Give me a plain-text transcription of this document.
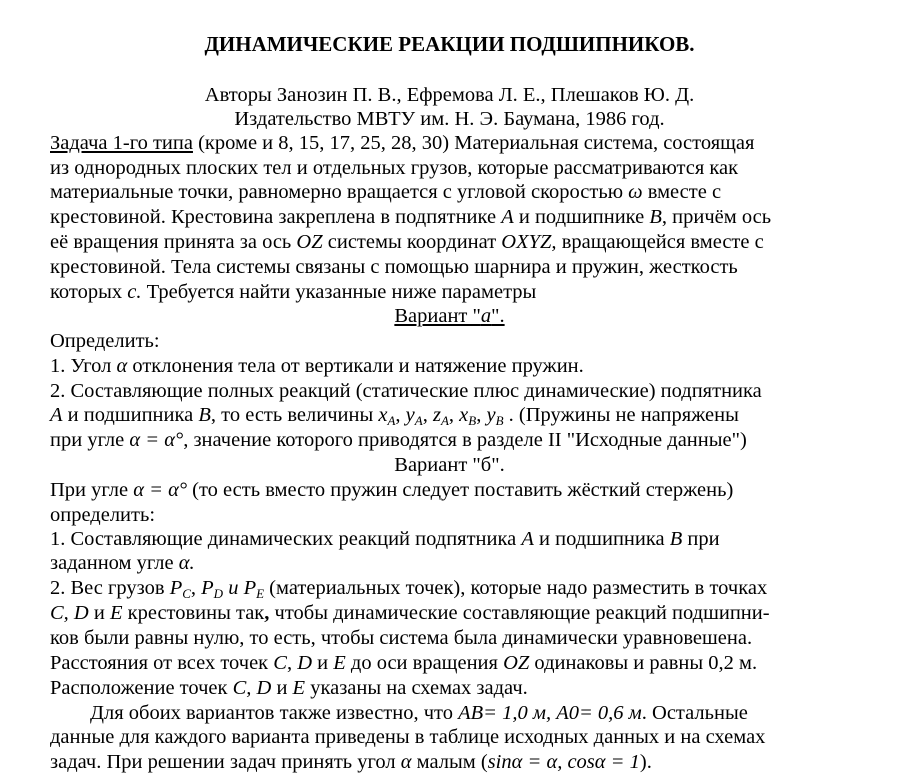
ДИНАМИЧЕСКИЕ РЕАКЦИИ ПОДШИПНИКОВ.
Авторы Занозин П. В., Ефремова Л. Е., Плешаков Ю. Д.
Издательство МВТУ им. Н. Э. Баумана, 1986 год.
Задача 1-го типа (кроме и 8, 15, 17, 25, 28, 30) Материальная система, состоящая
из однородных плоских тел и отдельных грузов, которые рассматриваются как
материальные точки, равномерно вращается с угловой скоростью ω вместе с
крестовиной. Крестовина закреплена в подпятнике A и подшипнике B, причём ось
её вращения принята за ось OZ системы координат OXYZ, вращающейся вместе с
крестовиной. Тела системы связаны с помощью шарнира и пружин, жесткость
которых c. Требуется найти указанные ниже параметры
Вариант "а".
Определить:
1. Угол α отклонения тела от вертикали и натяжение пружин.
2. Составляющие полных реакций (статические плюс динамические) подпятника
A и подшипника B, то есть величины $x_A$, $y_A$, $z_A$, $x_B$, $y_B$ . (Пружины не напряжены
при угле α = α°, значение которого приводятся в разделе II "Исходные данные")
Вариант "б".
При угле α = α° (то есть вместо пружин следует поставить жёсткий стержень)
определить:
1. Составляющие динамических реакций подпятника A и подшипника B при
заданном угле α.
2. Вес грузов $P_C$, $P_D$ и $P_E$ (материальных точек), которые надо разместить в точках
C, D и E крестовины так, чтобы динамические составляющие реакций подшипни-
ков были равны нулю, то есть, чтобы система была динамически уравновешена.
Расстояния от всех точек C, D и E до оси вращения OZ одинаковы и равны 0,2 м.
Расположение точек C, D и E указаны на схемах задач.
Для обоих вариантов также известно, что AB= 1,0 м, A0= 0,6 м. Остальные
данные для каждого варианта приведены в таблице исходных данных и на схемах
задач. При решении задач принять угол α малым (sinα = α, cosα = 1).
